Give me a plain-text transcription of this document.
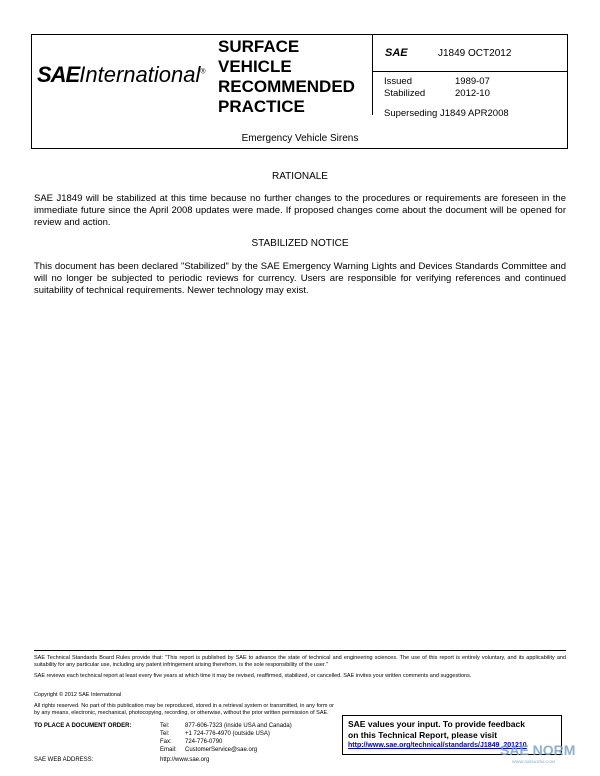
SAEInternational®
SURFACE
VEHICLE
RECOMMENDED
PRACTICE
SAE	J1849 OCT2012
Issued	1989-07
Stabilized	2012-10
Superseding J1849 APR2008
Emergency Vehicle Sirens
RATIONALE
SAE J1849 will be stabilized at this time because no further changes to the procedures or requirements are foreseen in the immediate future since the April 2008 updates were made. If proposed changes come about the document will be opened for review and action.
STABILIZED NOTICE
This document has been declared "Stabilized" by the SAE Emergency Warning Lights and Devices Standards Committee and will no longer be subjected to periodic reviews for currency. Users are responsible for verifying references and continued suitability of technical requirements. Newer technology may exist.
SAE Technical Standards Board Rules provide that: "This report is published by SAE to advance the state of technical and engineering sciences. The use of this report is entirely voluntary, and its applicability and suitability for any particular use, including any patent infringement arising therefrom, is the sole responsibility of the user."
SAE reviews each technical report at least every five years at which time it may be revised, reaffirmed, stabilized, or cancelled. SAE invites your written comments and suggestions.
Copyright © 2012 SAE International
All rights reserved. No part of this publication may be reproduced, stored in a retrieval system or transmitted, in any form or by any means, electronic, mechanical, photocopying, recording, or otherwise, without the prior written permission of SAE.
TO PLACE A DOCUMENT ORDER:	Tel:	877-606-7323 (inside USA and Canada)
Tel:	+1 724-776-4970 (outside USA)
Fax: 724-776-0790
Email: CustomerService@sae.org
SAE WEB ADDRESS:	http://www.sae.org
SAE values your input. To provide feedback
on this Technical Report, please visit
http://www.sae.org/technical/standards/J1849_201210
SAE NORM
WWW.SAENORM.COM
